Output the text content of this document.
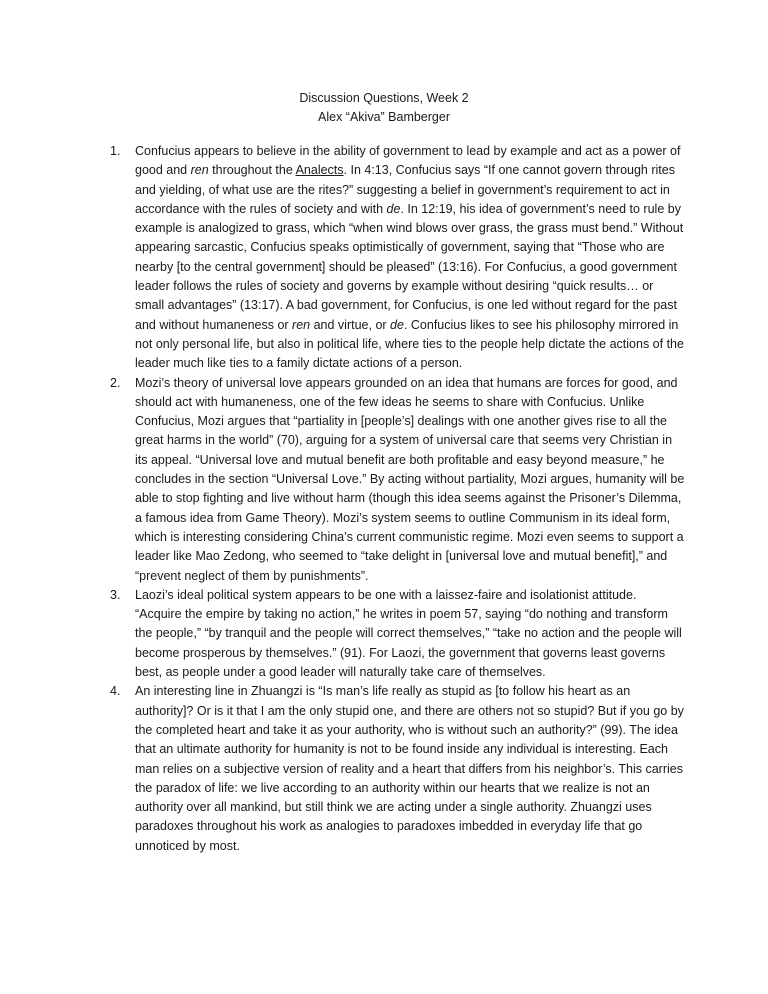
Discussion Questions, Week 2
Alex “Akiva” Bamberger
1. Confucius appears to believe in the ability of government to lead by example and act as a power of good and ren throughout the Analects. In 4:13, Confucius says “If one cannot govern through rites and yielding, of what use are the rites?” suggesting a belief in government’s requirement to act in accordance with the rules of society and with de. In 12:19, his idea of government’s need to rule by example is analogized to grass, which “when wind blows over grass, the grass must bend.” Without appearing sarcastic, Confucius speaks optimistically of government, saying that “Those who are nearby [to the central government] should be pleased” (13:16). For Confucius, a good government leader follows the rules of society and governs by example without desiring “quick results… or small advantages” (13:17). A bad government, for Confucius, is one led without regard for the past and without humaneness or ren and virtue, or de. Confucius likes to see his philosophy mirrored in not only personal life, but also in political life, where ties to the people help dictate the actions of the leader much like ties to a family dictate actions of a person.
2. Mozi’s theory of universal love appears grounded on an idea that humans are forces for good, and should act with humaneness, one of the few ideas he seems to share with Confucius. Unlike Confucius, Mozi argues that “partiality in [people’s] dealings with one another gives rise to all the great harms in the world” (70), arguing for a system of universal care that seems very Christian in its appeal. “Universal love and mutual benefit are both profitable and easy beyond measure,” he concludes in the section “Universal Love.” By acting without partiality, Mozi argues, humanity will be able to stop fighting and live without harm (though this idea seems against the Prisoner’s Dilemma, a famous idea from Game Theory). Mozi’s system seems to outline Communism in its ideal form, which is interesting considering China’s current communistic regime. Mozi even seems to support a leader like Mao Zedong, who seemed to “take delight in [universal love and mutual benefit],” and “prevent neglect of them by punishments”.
3. Laozi’s ideal political system appears to be one with a laissez-faire and isolationist attitude. “Acquire the empire by taking no action,” he writes in poem 57, saying “do nothing and transform the people,” “by tranquil and the people will correct themselves,” “take no action and the people will become prosperous by themselves.” (91). For Laozi, the government that governs least governs best, as people under a good leader will naturally take care of themselves.
4. An interesting line in Zhuangzi is “Is man’s life really as stupid as [to follow his heart as an authority]? Or is it that I am the only stupid one, and there are others not so stupid? But if you go by the completed heart and take it as your authority, who is without such an authority?” (99). The idea that an ultimate authority for humanity is not to be found inside any individual is interesting. Each man relies on a subjective version of reality and a heart that differs from his neighbor’s. This carries the paradox of life: we live according to an authority within our hearts that we realize is not an authority over all mankind, but still think we are acting under a single authority. Zhuangzi uses paradoxes throughout his work as analogies to paradoxes imbedded in everyday life that go unnoticed by most.
